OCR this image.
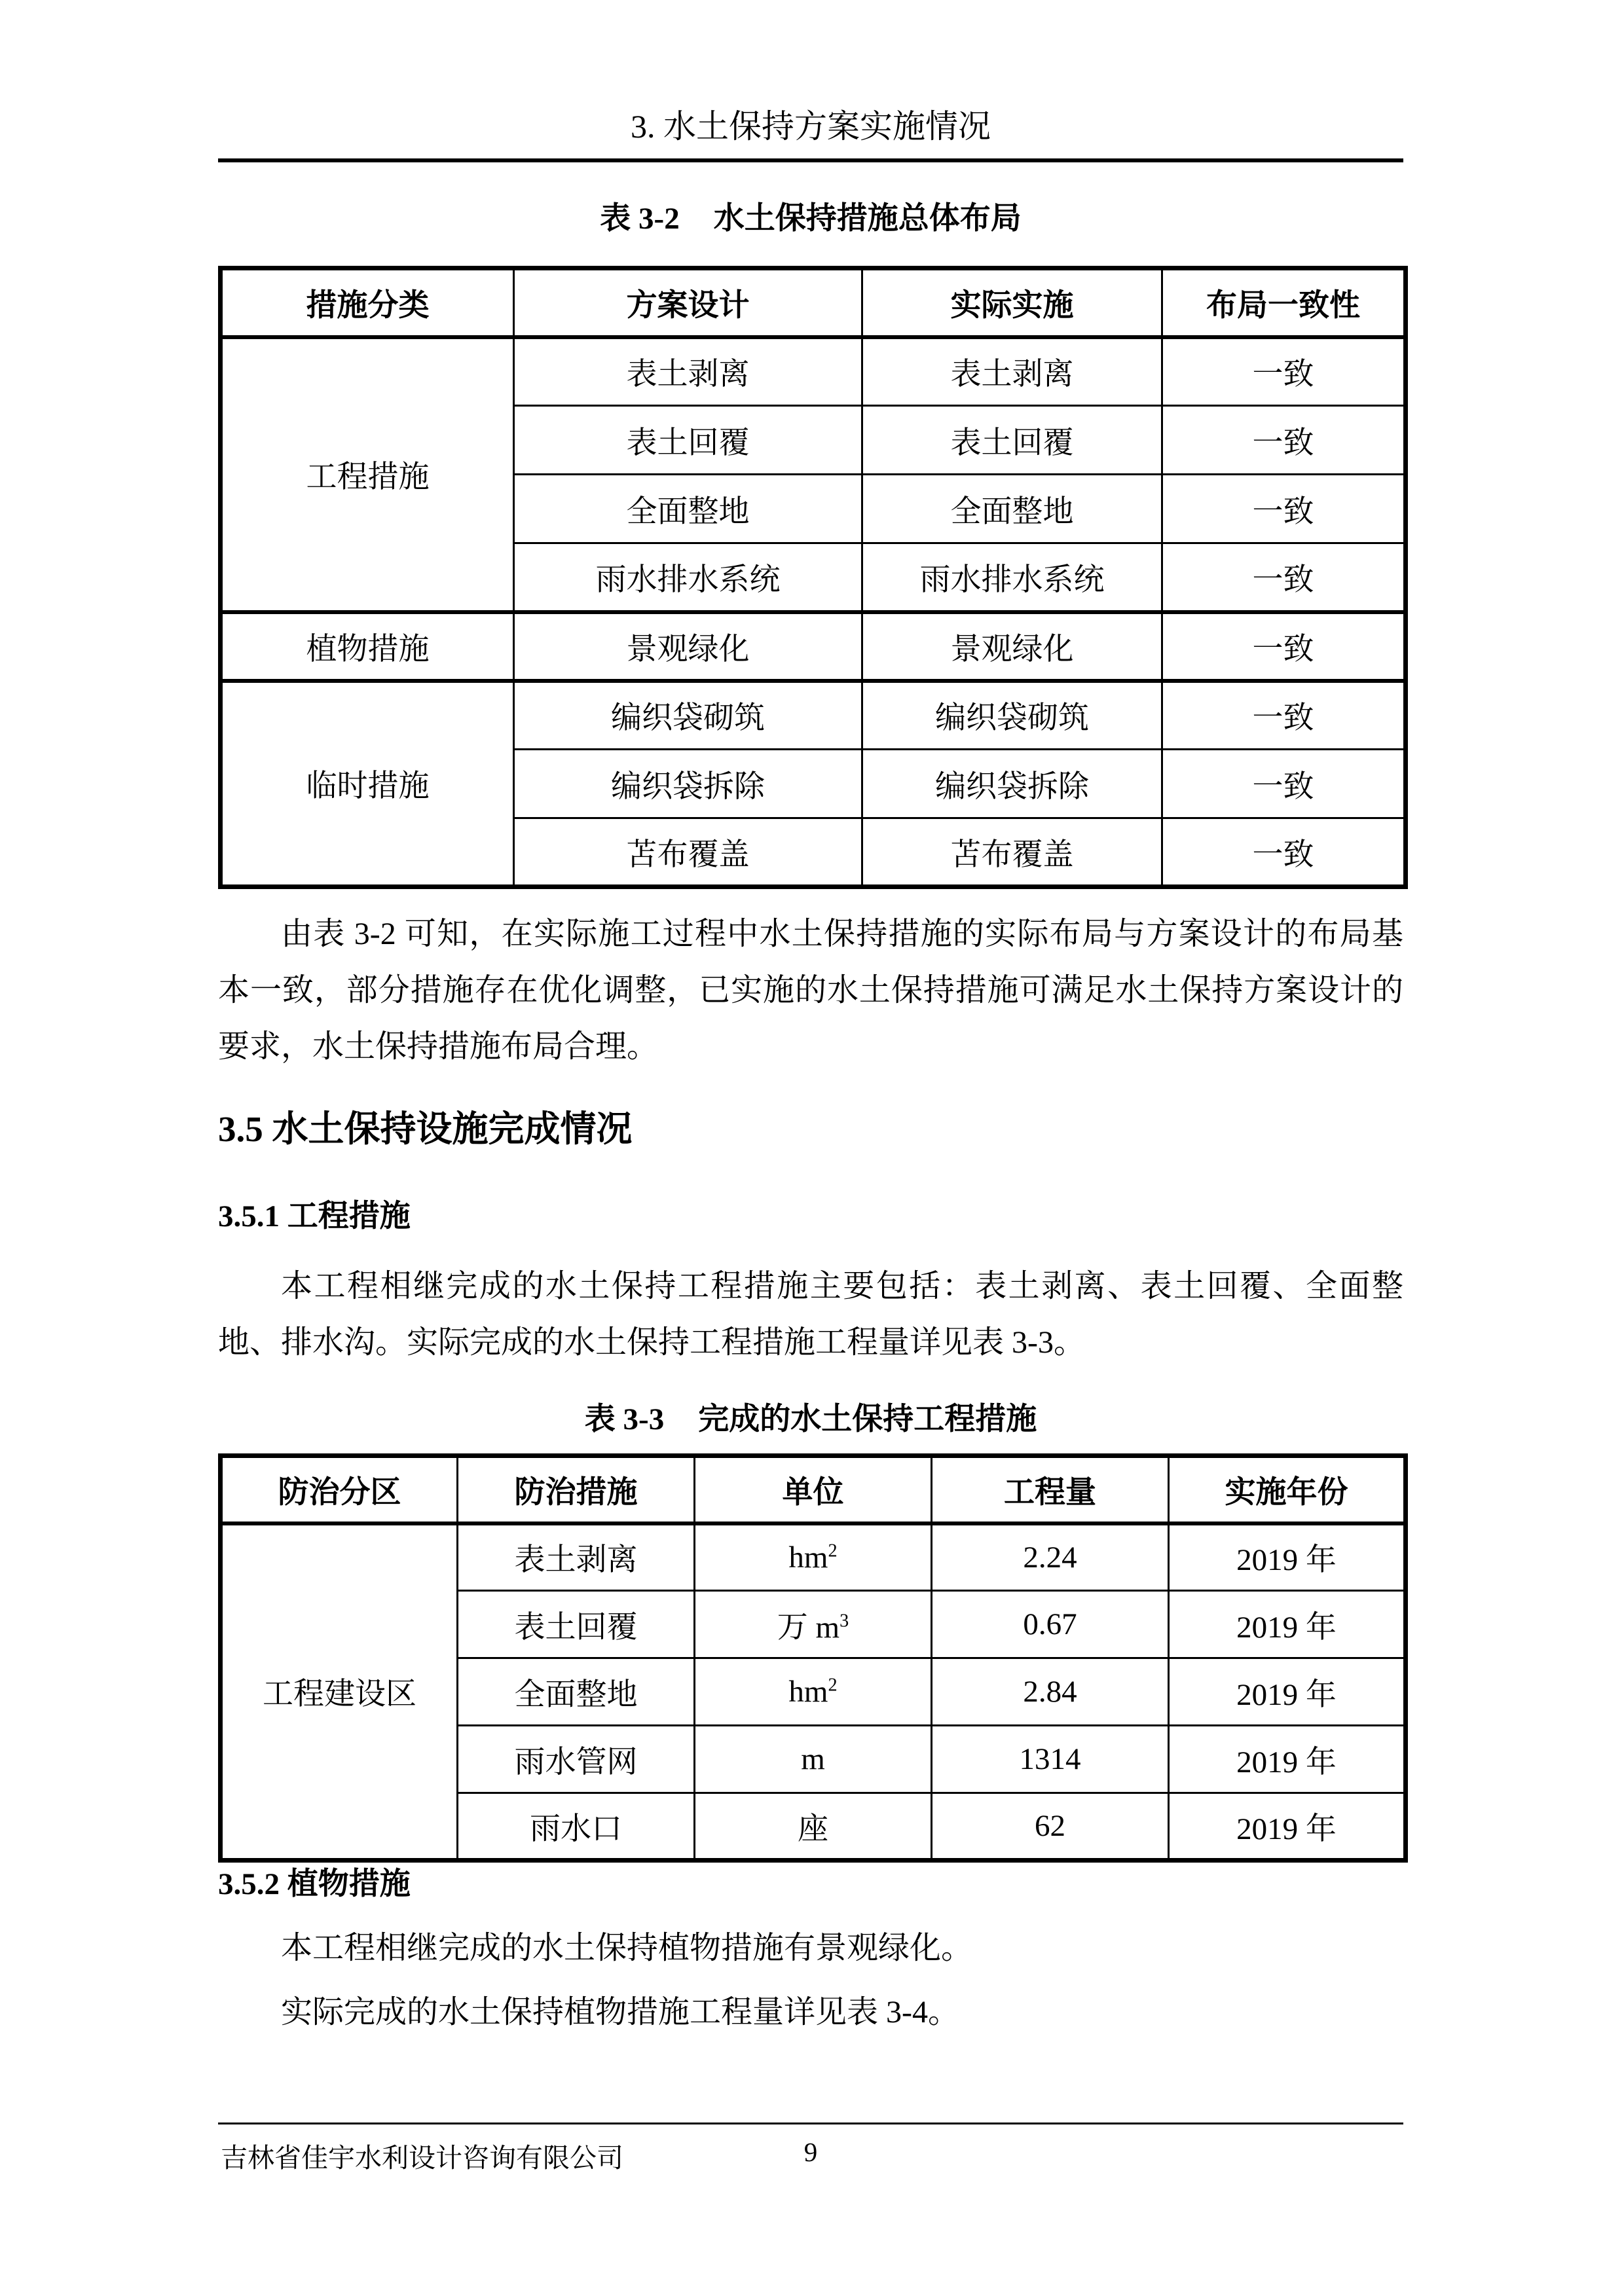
3. 水土保持方案实施情况
表 3-2 水土保持措施总体布局
措施分类	方案设计	实际实施	布局一致性
工程措施	表土剥离	表土剥离	一致
	表土回覆	表土回覆	一致
	全面整地	全面整地	一致
	雨水排水系统	雨水排水系统	一致
植物措施	景观绿化	景观绿化	一致
临时措施	编织袋砌筑	编织袋砌筑	一致
	编织袋拆除	编织袋拆除	一致
	苫布覆盖	苫布覆盖	一致

由表 3-2 可知，在实际施工过程中水土保持措施的实际布局与方案设计的布局基本一致，部分措施存在优化调整，已实施的水土保持措施可满足水土保持方案设计的要求，水土保持措施布局合理。

3.5 水土保持设施完成情况
3.5.1 工程措施

本工程相继完成的水土保持工程措施主要包括：表土剥离、表土回覆、全面整地、排水沟。实际完成的水土保持工程措施工程量详见表 3-3。

表 3-3 完成的水土保持工程措施
防治分区	防治措施	单位	工程量	实施年份
工程建设区	表土剥离	$hm^2$	2.24	2019 年
	表土回覆	万 $m^3$	0.67	2019 年
	全面整地	$hm^2$	2.84	2019 年
	雨水管网	m	1314	2019 年
	雨水口	座	62	2019 年
3.5.2 植物措施

本工程相继完成的水土保持植物措施有景观绿化。

实际完成的水土保持植物措施工程量详见表 3-4。

吉林省佳宇水利设计咨询有限公司	9
